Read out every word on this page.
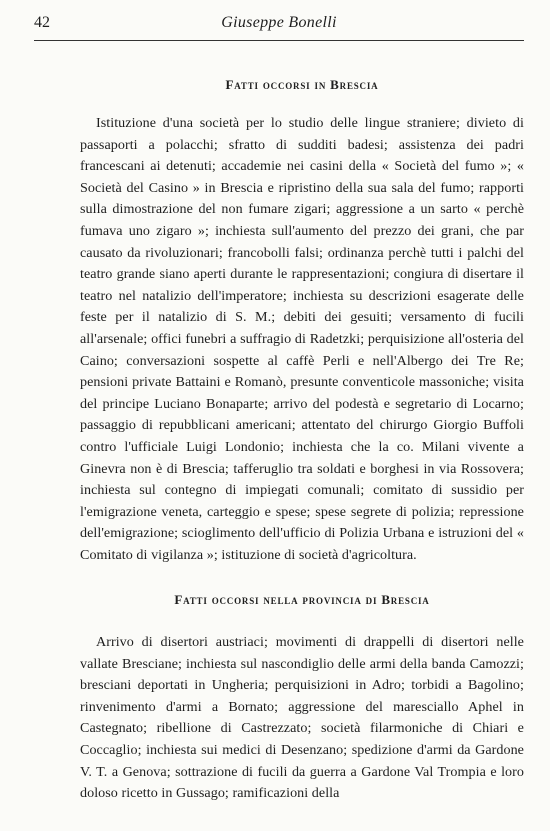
42	Giuseppe Bonelli
Fatti occorsi in Brescia

Istituzione d'una società per lo studio delle lingue straniere; divieto di passaporti a polacchi; sfratto di sudditi badesi; assistenza dei padri francescani ai detenuti; accademie nei casini della « Società del fumo »; « Società del Casino » in Brescia e ripristino della sua sala del fumo; rapporti sulla dimostrazione del non fumare zigari; aggressione a un sarto « perchè fumava uno zigaro »; inchiesta sull'aumento del prezzo dei grani, che par causato da rivoluzionari; francobolli falsi; ordinanza perchè tutti i palchi del teatro grande siano aperti durante le rappresentazioni; congiura di disertare il teatro nel natalizio dell'imperatore; inchiesta su descrizioni esagerate delle feste per il natalizio di S. M.; debiti dei gesuiti; versamento di fucili all'arsenale; offici funebri a suffragio di Radetzki; perquisizione all'osteria del Caino; conversazioni sospette al caffè Perli e nell'Albergo dei Tre Re; pensioni private Battaini e Romanò, presunte conventicole massoniche; visita del principe Luciano Bonaparte; arrivo del podestà e segretario di Locarno; passaggio di repubblicani americani; attentato del chirurgo Giorgio Buffoli contro l'ufficiale Luigi Londonio; inchiesta che la co. Milani vivente a Ginevra non è di Brescia; tafferuglio tra soldati e borghesi in via Rossovera; inchiesta sul contegno di impiegati comunali; comitato di sussidio per l'emigrazione veneta, carteggio e spese; spese segrete di polizia; repressione dell'emigrazione; scioglimento dell'ufficio di Polizia Urbana e istruzioni del « Comitato di vigilanza »; istituzione di società d'agricoltura.

Fatti occorsi nella provincia di Brescia

Arrivo di disertori austriaci; movimenti di drappelli di disertori nelle vallate Bresciane; inchiesta sul nascondiglio delle armi della banda Camozzi; bresciani deportati in Ungheria; perquisizioni in Adro; torbidi a Bagolino; rinvenimento d'armi a Bornato; aggressione del maresciallo Aphel in Castegnato; ribellione di Castrezzato; società filarmoniche di Chiari e Coccaglio; inchiesta sui medici di Desenzano; spedizione d'armi da Gardone V. T. a Genova; sottrazione di fucili da guerra a Gardone Val Trompia e loro doloso ricetto in Gussago; ramificazioni della
